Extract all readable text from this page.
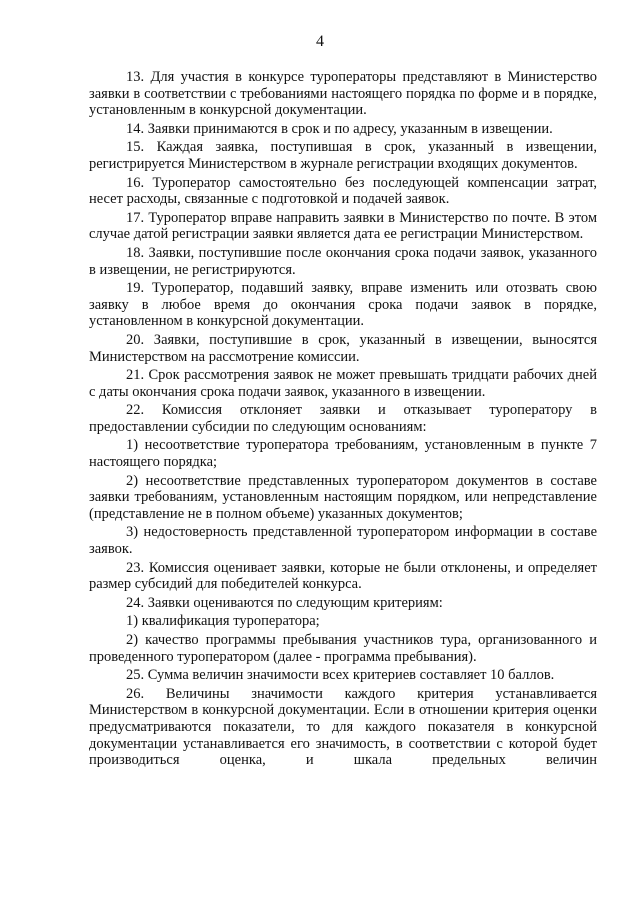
4

13. Для участия в конкурсе туроператоры представляют в Министерство заявки в соответствии с требованиями настоящего порядка по форме и в порядке, установленным в конкурсной документации.

14. Заявки принимаются в срок и по адресу, указанным в извещении.

15. Каждая заявка, поступившая в срок, указанный в извещении, регистрируется Министерством в журнале регистрации входящих документов.

16. Туроператор самостоятельно без последующей компенсации затрат, несет расходы, связанные с подготовкой и подачей заявок.

17. Туроператор вправе направить заявки в Министерство по почте. В этом случае датой регистрации заявки является дата ее регистрации Министерством.

18. Заявки, поступившие после окончания срока подачи заявок, указанного в извещении, не регистрируются.

19. Туроператор, подавший заявку, вправе изменить или отозвать свою заявку в любое время до окончания срока подачи заявок в порядке, установленном в конкурсной документации.

20. Заявки, поступившие в срок, указанный в извещении, выносятся Министерством на рассмотрение комиссии.

21. Срок рассмотрения заявок не может превышать тридцати рабочих дней с даты окончания срока подачи заявок, указанного в извещении.

22. Комиссия отклоняет заявки и отказывает туроператору в предоставлении субсидии по следующим основаниям:

1) несоответствие туроператора требованиям, установленным в пункте 7 настоящего порядка;

2) несоответствие представленных туроператором документов в составе заявки требованиям, установленным настоящим порядком, или непредставление (представление не в полном объеме) указанных документов;

3) недостоверность представленной туроператором информации в составе заявок.

23. Комиссия оценивает заявки, которые не были отклонены, и определяет размер субсидий для победителей конкурса.

24. Заявки оцениваются по следующим критериям:

1) квалификация туроператора;

2) качество программы пребывания участников тура, организованного и проведенного туроператором (далее - программа пребывания).

25. Сумма величин значимости всех критериев составляет 10 баллов.

26. Величины значимости каждого критерия устанавливается Министерством в конкурсной документации. Если в отношении критерия оценки предусматриваются показатели, то для каждого показателя в конкурсной документации устанавливается его значимость, в соответствии с которой будет производиться оценка, и шкала предельных величин
